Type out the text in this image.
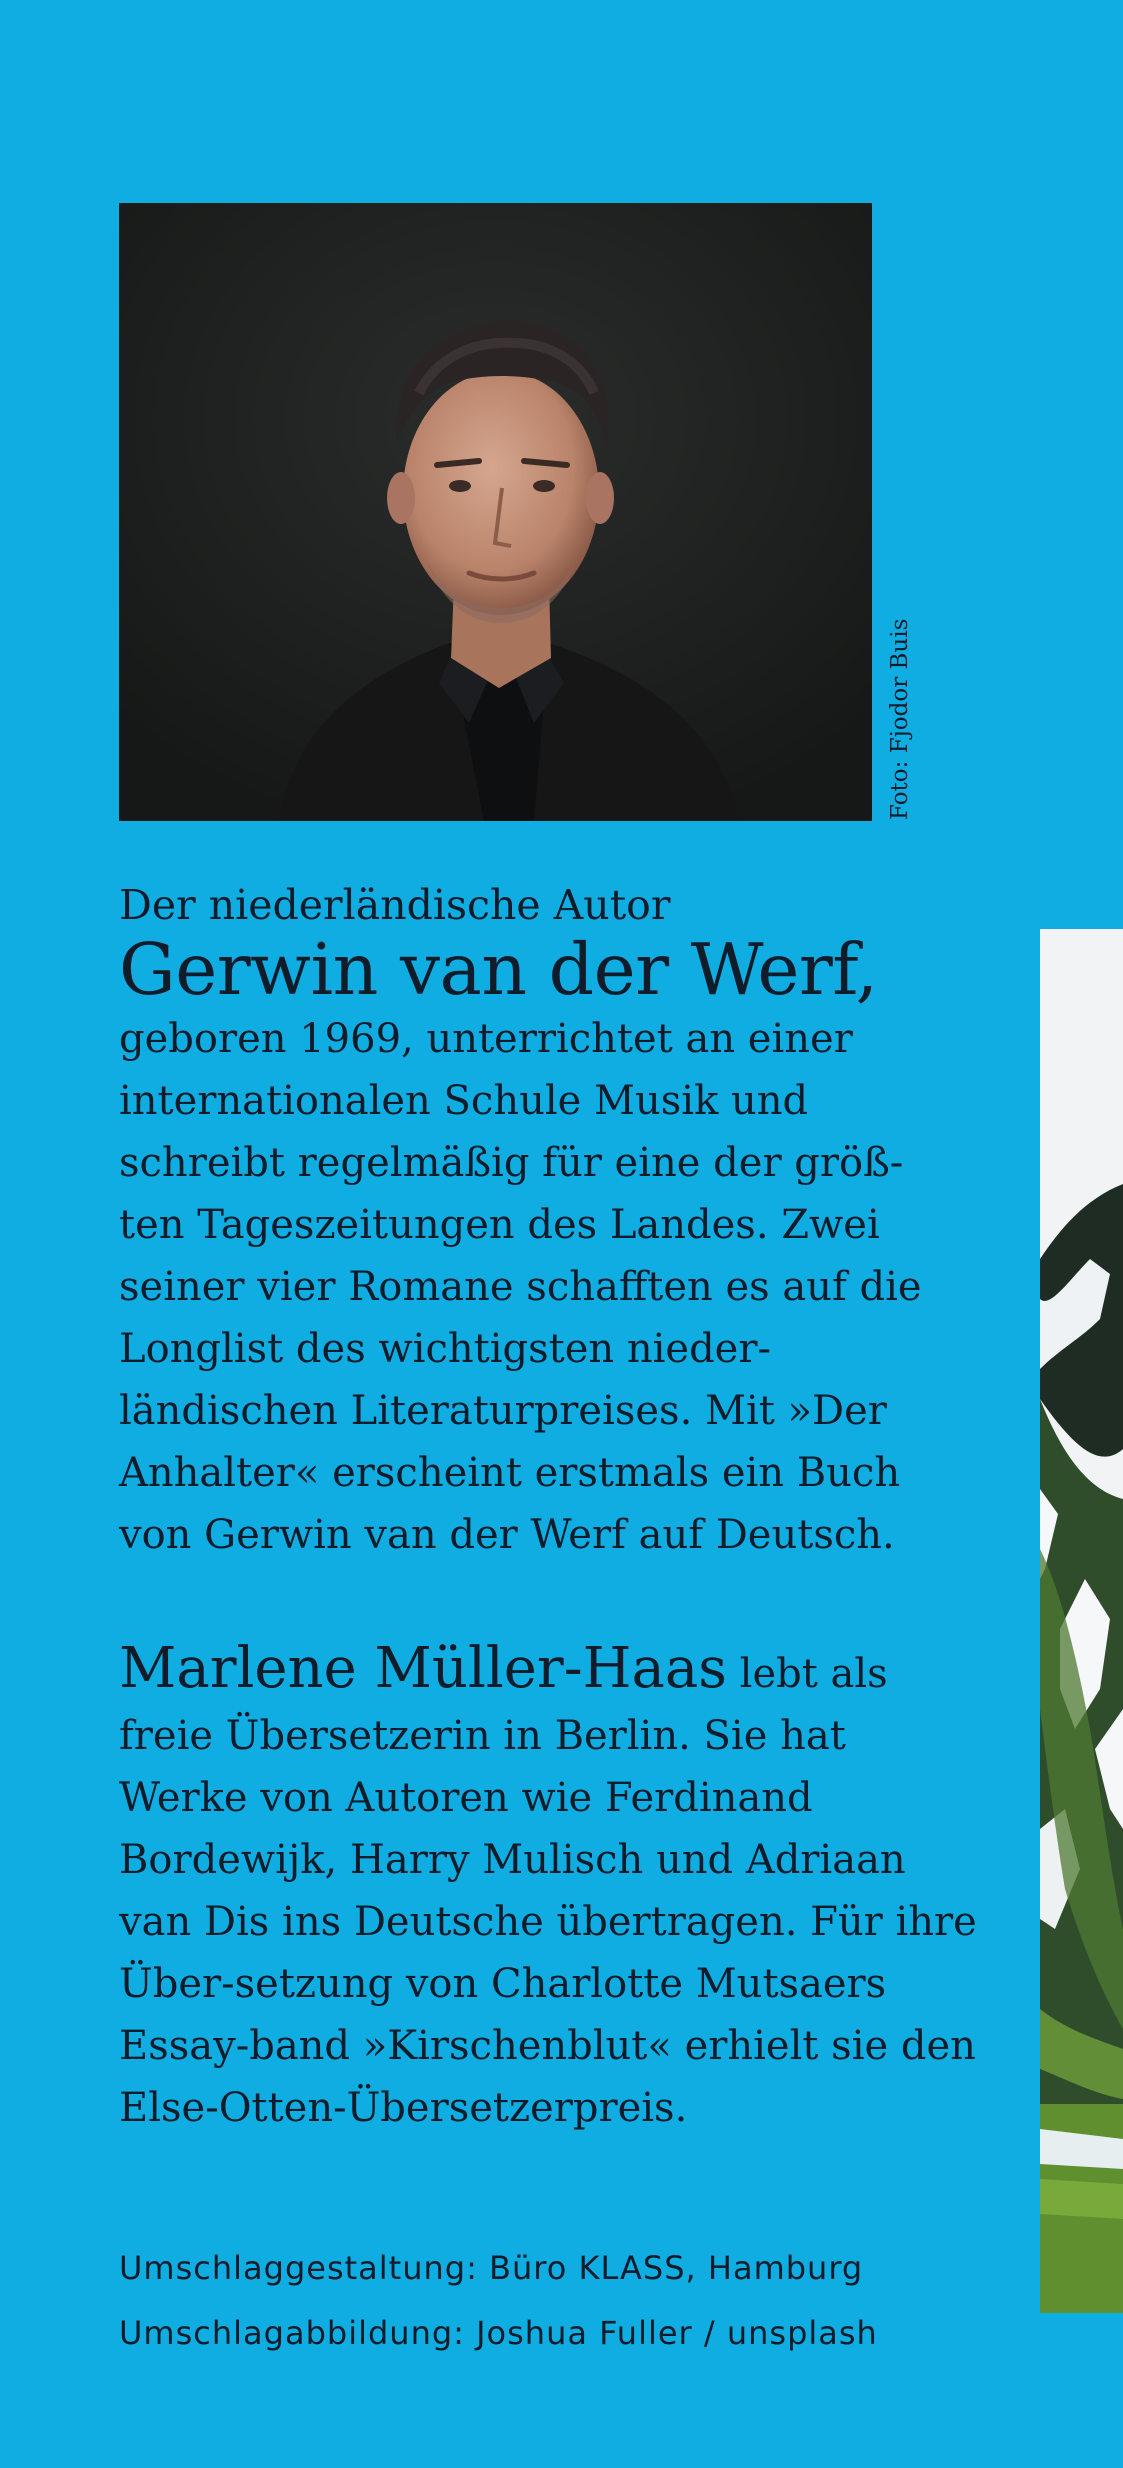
Foto: Fjodor Buis
Der niederländische Autor
Gerwin van der Werf,
geboren 1969, unterrichtet an einer internationalen Schule Musik und schreibt regelmäßig für eine der größ-ten Tageszeitungen des Landes. Zwei seiner vier Romane schafften es auf die Longlist des wichtigsten nieder-ländischen Literaturpreises. Mit »Der Anhalter« erscheint erstmals ein Buch von Gerwin van der Werf auf Deutsch.
Marlene Müller-Haas lebt als freie Übersetzerin in Berlin. Sie hat Werke von Autoren wie Ferdinand Bordewijk, Harry Mulisch und Adriaan van Dis ins Deutsche übertragen. Für ihre Über-setzung von Charlotte Mutsaers Essay-band »Kirschenblut« erhielt sie den Else-Otten-Übersetzerpreis.
Umschlaggestaltung: Büro KLASS, Hamburg
Umschlagabbildung: Joshua Fuller / unsplash
